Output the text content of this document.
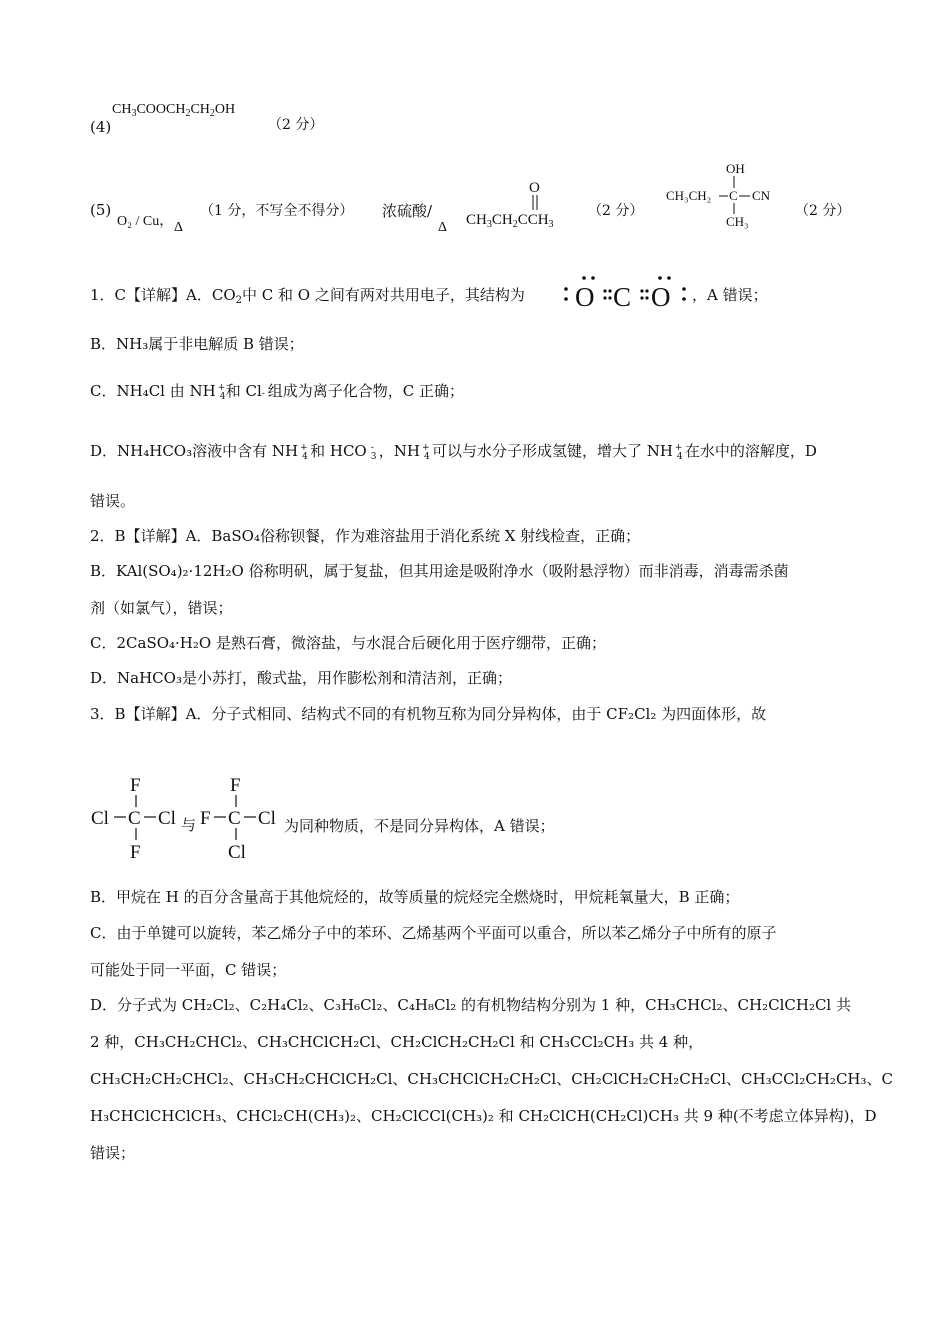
(4)
$CH_3COOCH_2CH_2OH$
（2 分）
(5)
O₂ / Cu， Δ
（1 分，不写全不得分） 浓硫酸/
Δ
O
$CH_3CH_2CCH_3$
（2 分）
OH
CH₃CH₂ C CN
CH₃
（2 分）
1．C【详解】A．$CO_2$中 C 和 O 之间有两对共用电子，其结构为 O C O ，A 错误；
B．NH₃属于非电解质 B 错误；
C．NH₄Cl 由 NH +
4 和 Cl - 组成为离子化合物，C 正确；
D．NH₄HCO₃溶液中含有 NH +
4 和 HCO -
3 ，NH +
4 可以与水分子形成氢键，增大了 NH +
4 在水中的溶解度，D
错误。
2．B【详解】A．BaSO₄俗称钡餐，作为难溶盐用于消化系统 X 射线检查，正确；
B．KAl(SO₄)₂·12H₂O 俗称明矾，属于复盐，但其用途是吸附净水（吸附悬浮物）而非消毒，消毒需杀菌
剂（如氯气），错误；
C．2CaSO₄·H₂O 是熟石膏，微溶盐，与水混合后硬化用于医疗绷带，正确；
D．NaHCO₃是小苏打，酸式盐，用作膨松剂和清洁剂，正确；
3．B【详解】A．分子式相同、结构式不同的有机物互称为同分异构体，由于 CF₂Cl₂ 为四面体形，故
F
Cl C Cl
F
与
F
F C Cl
Cl
为同种物质，不是同分异构体，A 错误；
B．甲烷在 H 的百分含量高于其他烷烃的，故等质量的烷烃完全燃烧时，甲烷耗氧量大，B 正确；
C．由于单键可以旋转，苯乙烯分子中的苯环、乙烯基两个平面可以重合，所以苯乙烯分子中所有的原子
可能处于同一平面，C 错误；
D．分子式为 CH₂Cl₂、C₂H₄Cl₂、C₃H₆Cl₂、C₄H₈Cl₂ 的有机物结构分别为 1 种，CH₃CHCl₂、CH₂ClCH₂Cl 共
2 种，CH₃CH₂CHCl₂、CH₃CHClCH₂Cl、CH₂ClCH₂CH₂Cl 和 CH₃CCl₂CH₃ 共 4 种，
CH₃CH₂CH₂CHCl₂、CH₃CH₂CHClCH₂Cl、CH₃CHClCH₂CH₂Cl、CH₂ClCH₂CH₂CH₂Cl、CH₃CCl₂CH₂CH₃、C
H₃CHClCHClCH₃、CHCl₂CH(CH₃)₂、CH₂ClCCl(CH₃)₂ 和 CH₂ClCH(CH₂Cl)CH₃ 共 9 种(不考虑立体异构)，D
错误；
